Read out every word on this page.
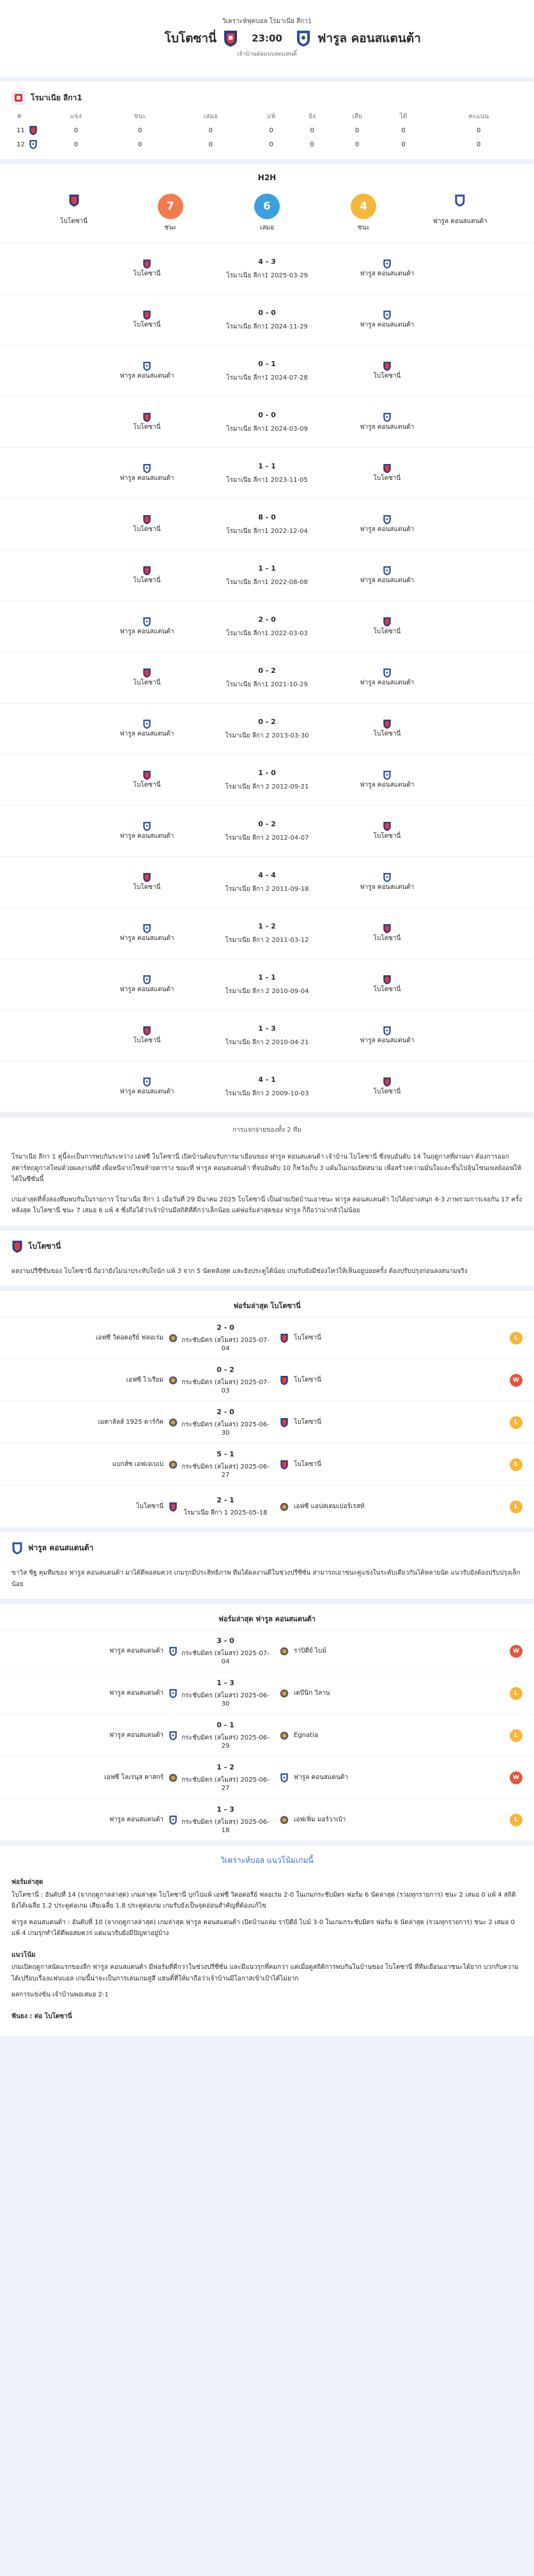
วิเคราะห์ฟุตบอล โรมาเนีย ลีกา1
โบโตซานี่	23:00	ฟารูล คอนสแตนต้า
เจ้าบ้านต่อแบบลดแฮนดิ์
โรมาเนีย ลีกา1
#	แข่ง	ชนะ	เสมอ	แพ้	ยิง	เสีย	ได้	คะแนน
11	0	0	0	0	0	0	0	0
12	0	0	0	0	0	0	0	0
H2H
โบโตซานี่
7
ชนะ
6
เสมอ
4
ชนะ
ฟารูล คอนสแตนต้า
โบโตซานี่
4 - 3
โรมาเนีย ลีกา1 2025-03-29	ฟารูล คอนสแตนต้า
โบโตซานี่
0 - 0
โรมาเนีย ลีกา1 2024-11-29	ฟารูล คอนสแตนต้า
ฟารูล คอนสแตนต้า
0 - 1
โรมาเนีย ลีกา1 2024-07-28	โบโตซานี่
โบโตซานี่
0 - 0
โรมาเนีย ลีกา1 2024-03-09	ฟารูล คอนสแตนต้า
ฟารูล คอนสแตนต้า
1 - 1
โรมาเนีย ลีกา1 2023-11-05	โบโตซานี่
โบโตซานี่
8 - 0
โรมาเนีย ลีกา1 2022-12-04	ฟารูล คอนสแตนต้า
โบโตซานี่
1 - 1
โรมาเนีย ลีกา1 2022-08-08	ฟารูล คอนสแตนต้า
ฟารูล คอนสแตนต้า
2 - 0
โรมาเนีย ลีกา1 2022-03-03	โบโตซานี่
โบโตซานี่
0 - 2
โรมาเนีย ลีกา1 2021-10-29	ฟารูล คอนสแตนต้า
ฟารูล คอนสแตนต้า
0 - 2
โรมาเนีย ลีกา 2 2013-03-30	โบโตซานี่
โบโตซานี่
1 - 0
โรมาเนีย ลีกา 2 2012-09-21	ฟารูล คอนสแตนต้า
ฟารูล คอนสแตนต้า
0 - 2
โรมาเนีย ลีกา 2 2012-04-07	โบโตซานี่
โบโตซานี่
4 - 4
โรมาเนีย ลีกา 2 2011-09-18	ฟารูล คอนสแตนต้า
ฟารูล คอนสแตนต้า
1 - 2
โรมาเนีย ลีกา 2 2011-03-12	โบโตซานี่
ฟารูล คอนสแตนต้า
1 - 1
โรมาเนีย ลีกา 2 2010-09-04	โบโตซานี่
โบโตซานี่
1 - 3
โรมาเนีย ลีกา 2 2010-04-21	ฟารูล คอนสแตนต้า
ฟารูล คอนสแตนต้า
4 - 1
โรมาเนีย ลีกา 2 2009-10-03	โบโตซานี่
การแจกจ่ายของทั้ง 2 ทีม
โรมาเนีย ลีกา 1 คู่นี้จะเป็นการพบกันระหว่าง เอฟซี โบโตซานี่ เปิดบ้านต้อนรับการมาเยือนของ ฟารูล คอนสแตนต้า เจ้าบ้าน โบโตซานี่ ซึ่งจบอันดับ 14 ในฤดูกาลที่ผ่านมา ต้องการออกสตาร์ทฤดูกาลใหม่ด้วยผลงานที่ดี เพื่อหนีจากโซนท้ายตาราง ขณะที่ ฟารูล คอนสแตนต้า ที่จบอันดับ 10 ก็หวังเก็บ 3 แต้มในเกมเปิดสนาม เพื่อสร้างความมั่นใจและขึ้นไปลุ้นโซนเพลย์ออฟให้ได้ในซีซั่นนี้
เกมล่าสุดที่ทั้งสองทีมพบกันในรายการ โรมาเนีย ลีกา 1 เมื่อวันที่ 29 มีนาคม 2025 โบโตซานี่ เป็นฝ่ายเปิดบ้านเอาชนะ ฟารูล คอนสแตนต้า ไปได้อย่างสนุก 4-3 ภาพรวมการเจอกัน 17 ครั้งหลังสุด โบโตซานี่ ชนะ 7 เสมอ 6 แพ้ 4 ซึ่งถือได้ว่าเจ้าบ้านมีสถิติที่ดีกว่าเล็กน้อย แต่ฟอร์มล่าสุดของ ฟารูล ก็ถือว่าน่ากลัวไม่น้อย
โบโตซานี่
ผลงานปรีซีซั่นของ โบโตซานี่ ถือว่ายังไม่น่าประทับใจนัก แพ้ 3 จาก 5 นัดหลังสุด และยิงประตูได้น้อย เกมรับยังมีช่องโหว่ให้เห็นอยู่บ่อยครั้ง ต้องปรับปรุงก่อนลงสนามจริง
ฟอร์มล่าสุด โบโตซานี่
เอฟซี วิตอตอรีย์ ฟลอเร่ม
2 - 0
กระชับมิตร (สโมสร) 2025-07-04
โบโตซานี่	L
เอฟซี ไวเรียม
0 - 2
กระชับมิตร (สโมสร) 2025-07-03
โบโตซานี่	W
เมตาลัลส์ 1925 ดาร์กัค
2 - 0
กระชับมิตร (สโมสร) 2025-06-30
โบโตซานี่	L
แบกส์ซ เอฟเจเบเบ
5 - 1
กระชับมิตร (สโมสร) 2025-06-27
โบโตซานี่	L
โบโตซานี่
2 - 1
โรมาเนีย ลีกา 1 2025-05-18
เอฟซี แอปสเตมเปอร์เรสท์	L
ฟารูล คอนสแตนต้า
ขาวิส ชิฐ คุมทีมของ ฟารูล คอนสแตนต้า มาได้ดีพอสมควร เกมรุกมีประสิทธิภาพ ทีมได้ผลงานดีในช่วงปรีซีซั่น สามารถเอาชนะคู่แข่งในระดับเดียวกันได้หลายนัด แนวรับยังต้องปรับปรุงเล็กน้อย
ฟอร์มล่าสุด ฟารูล คอนสแตนต้า
ฟารูล คอนสแตนต้า
3 - 0
กระชับมิตร (สโมสร) 2025-07-04
ราปิดีย์ ไบม์	W
ฟารูล คอนสแตนต้า
1 - 3
กระชับมิตร (สโมสร) 2025-06-30
เดบีนิก วิลาน	L
ฟารูล คอนสแตนต้า
0 - 1
กระชับมิตร (สโมสร) 2025-06-29
Egnatia	L
เอฟซี โลเรนุส คาสกร์
1 - 2
กระชับมิตร (สโมสร) 2025-06-27
ฟารูล คอนสแตนต้า	W
ฟารูล คอนสแตนต้า
1 - 3
กระชับมิตร (สโมสร) 2025-06-18
เอฟเฟิ่ม มอร์วาเบ้า	L
วิเคราะห์บอล แนวโน้มเกมนี้
ฟอร์มล่าสุด
โบโตซานี่ : อันดับที่ 14 (จากฤดูกาลล่าสุด) เกมล่าสุด โบโตซานี่ บุกไปแพ้ เอฟซี วิตอตอรีย์ ฟลอเร่ม 2-0 ในเกมกระชับมิตร ฟอร์ม 6 นัดล่าสุด (รวมทุกรายการ) ชนะ 2 เสมอ 0 แพ้ 4 สถิติยิงได้เฉลี่ย 1.2 ประตูต่อเกม เสียเฉลี่ย 1.8 ประตูต่อเกม เกมรับยังเป็นจุดอ่อนสำคัญที่ต้องแก้ไข
ฟารูล คอนสแตนต้า : อันดับที่ 10 (จากฤดูกาลล่าสุด) เกมล่าสุด ฟารูล คอนสแตนต้า เปิดบ้านถล่ม ราปิดีย์ ไบม์ 3-0 ในเกมกระชับมิตร ฟอร์ม 6 นัดล่าสุด (รวมทุกรายการ) ชนะ 2 เสมอ 0 แพ้ 4 เกมรุกทำได้ดีพอสมควร แต่แนวรับยังมีปัญหาอยู่บ้าง
แนวโน้ม
เกมเปิดฤดูกาลนัดแรกของลีก ฟารูล คอนสแตนต้า มีฟอร์มที่ดีกว่าในช่วงปรีซีซั่น และมีแนวรุกที่คมกว่า แต่เมื่อดูสถิติการพบกันในบ้านของ โบโตซานี่ ที่ทีมเยือนเอาชนะได้ยาก บวกกับความได้เปรียบเรื่องแฟนบอล เกมนี้น่าจะเป็นการเล่นเกมสูสี แฮนดิ์ที่ให้มาถือว่าเจ้าบ้านมีโอกาสเข้าเป้าได้ไม่ยาก
ผลการแข่งขัน เจ้าบ้านพอเสมอ 2-1
ฟันธง : ต่อ โบโตซานี่
